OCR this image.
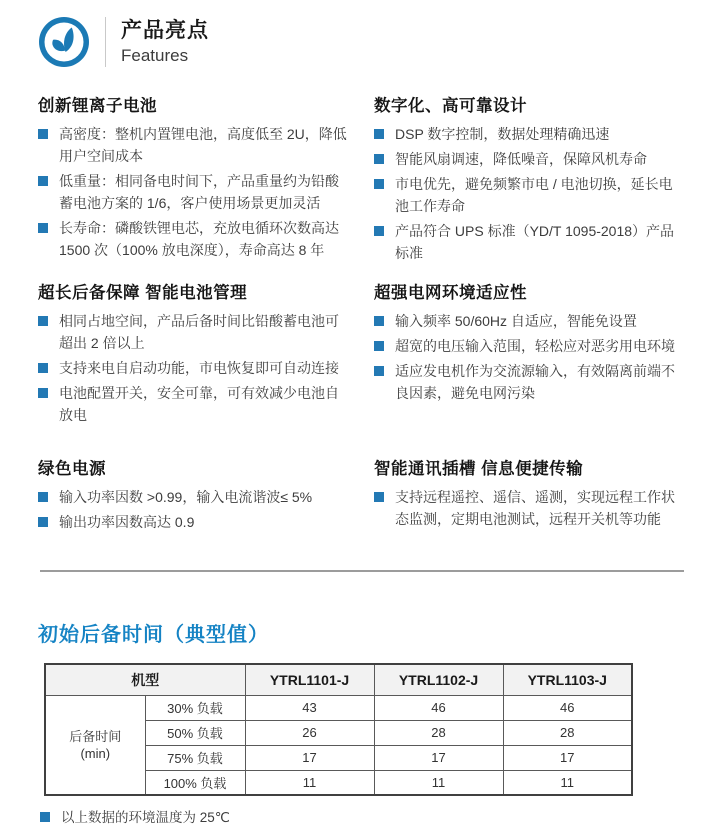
产品亮点
Features
创新锂离子电池
高密度：整机内置锂电池，高度低至 2U，降低用户空间成本
低重量：相同备电时间下，产品重量约为铅酸蓄电池方案的 1/6，客户使用场景更加灵活
长寿命：磷酸铁锂电芯，充放电循环次数高达 1500 次（100% 放电深度），寿命高达 8 年
数字化、高可靠设计
DSP 数字控制，数据处理精确迅速
智能风扇调速，降低噪音，保障风机寿命
市电优先，避免频繁市电 / 电池切换，延长电池工作寿命
产品符合 UPS 标准（YD/T 1095-2018）产品标准
超长后备保障 智能电池管理
相同占地空间，产品后备时间比铅酸蓄电池可超出 2 倍以上
支持来电自启动功能，市电恢复即可自动连接
电池配置开关，安全可靠，可有效减少电池自放电
超强电网环境适应性
输入频率 50/60Hz 自适应，智能免设置
超宽的电压输入范围，轻松应对恶劣用电环境
适应发电机作为交流源输入，有效隔离前端不良因素，避免电网污染
绿色电源
输入功率因数 >0.99，输入电流谐波≤ 5%
输出功率因数高达 0.9
智能通讯插槽 信息便捷传输
支持远程遥控、遥信、遥测，实现远程工作状态监测，定期电池测试，远程开关机等功能
初始后备时间（典型值）
机型		YTRL1101-J	YTRL1102-J	YTRL1103-J
后备时间
(min)	30% 负载	43	46	46
	50% 负载	26	28	28
	75% 负载	17	17	17
	100% 负载	11	11	11
以上数据的环境温度为 25℃
